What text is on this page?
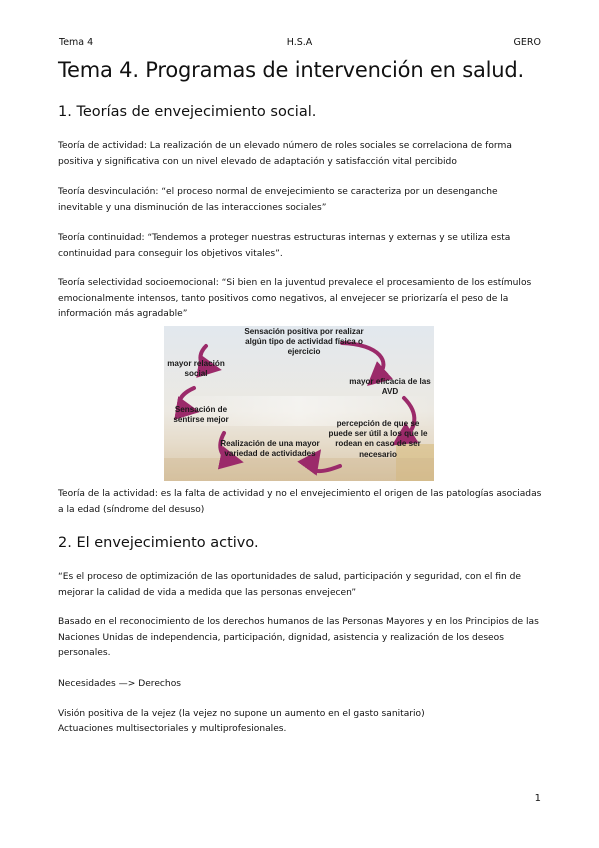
Tema 4	H.S.A	GERO
Tema 4. Programas de intervención en salud.
1. Teorías de envejecimiento social.

Teoría de actividad: La realización de un elevado número de roles sociales se correlaciona de forma positiva y significativa con un nivel elevado de adaptación y satisfacción vital percibido

Teoría desvinculación: “el proceso normal de envejecimiento se caracteriza por un desenganche inevitable y una disminución de las interacciones sociales”

Teoría continuidad: “Tendemos a proteger nuestras estructuras internas y externas y se utiliza esta continuidad para conseguir los objetivos vitales”.

Teoría selectividad socioemocional: “Si bien en la juventud prevalece el procesamiento de los estímulos emocionalmente intensos, tanto positivos como negativos, al envejecer se priorizaría el peso de la información más agradable”

Sensación positiva por realizar algún tipo de actividad física o ejercicio
mayor relación social
mayor eficacia de las AVD
Sensación de sentirse mejor	percepción de que se puede ser útil a los que le rodean en caso de ser necesario
Realización de una mayor variedad de actividades

Teoría de la actividad: es la falta de actividad y no el envejecimiento el origen de las patologías asociadas a la edad (síndrome del desuso)

2. El envejecimiento activo.

“Es el proceso de optimización de las oportunidades de salud, participación y seguridad, con el fin de mejorar la calidad de vida a medida que las personas envejecen”

Basado en el reconocimiento de los derechos humanos de las Personas Mayores y en los Principios de las Naciones Unidas de independencia, participación, dignidad, asistencia y realización de los deseos personales.

Necesidades —> Derechos

Visión positiva de la vejez (la vejez no supone un aumento en el gasto sanitario)

Actuaciones multisectoriales y multiprofesionales.

1
